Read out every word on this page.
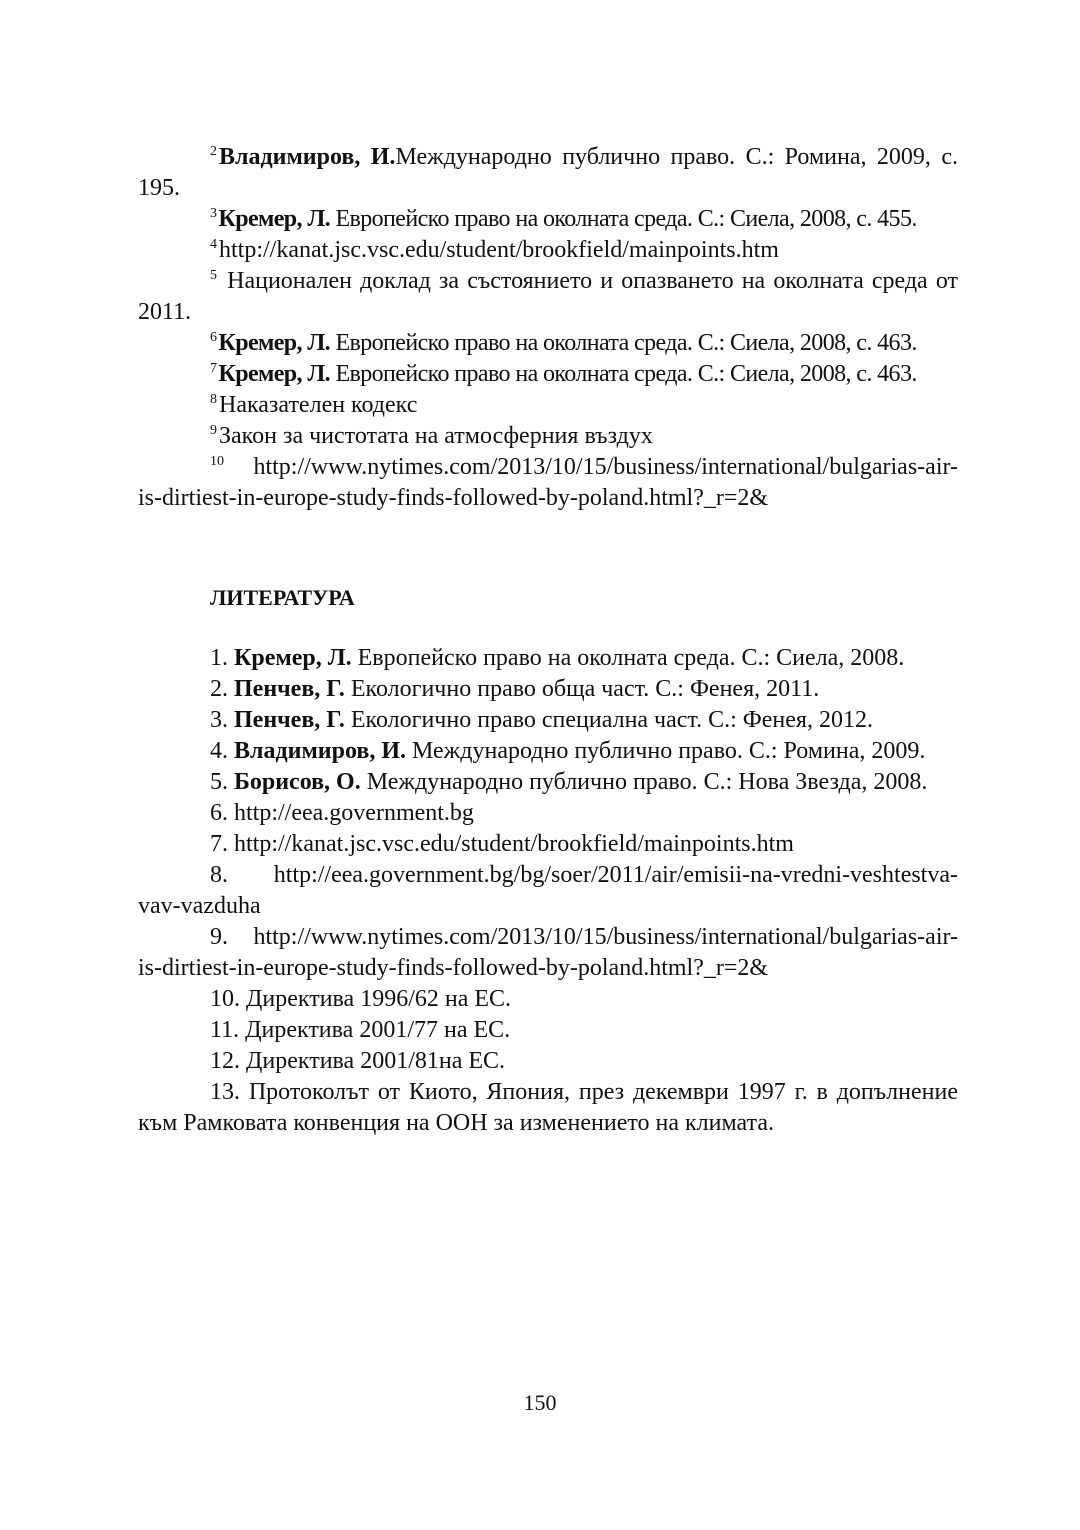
$^2$Владимиров, И.Международно публично право. С.: Ромина, 2009, с. 195.

$^3$Кремер, Л. Европейско право на околната среда. С.: Сиела, 2008, с. 455.

$^4$http://kanat.jsc.vsc.edu/student/brookfield/mainpoints.htm

$^5$ Национален доклад за състоянието и опазването на околната среда от 2011.

$^6$Кремер, Л. Европейско право на околната среда. С.: Сиела, 2008, с. 463.

$^7$Кремер, Л. Европейско право на околната среда. С.: Сиела, 2008, с. 463.

$^8$Наказателен кодекс

$^9$Закон за чистотата на атмосферния въздух

$^{10}$ http://www.nytimes.com/2013/10/15/business/international/bulgarias-air-is-dirtiest-in-europe-study-finds-followed-by-poland.html?_r=2&

ЛИТЕРАТУРА

1. Кремер, Л. Европейско право на околната среда. С.: Сиела, 2008.

2. Пенчев, Г. Екологично право обща част. С.: Фенея, 2011.

3. Пенчев, Г. Екологично право специална част. С.: Фенея, 2012.

4. Владимиров, И. Международно публично право. С.: Ромина, 2009.

5. Борисов, О. Международно публично право. С.: Нова Звезда, 2008.

6. http://eea.government.bg

7. http://kanat.jsc.vsc.edu/student/brookfield/mainpoints.htm

8. http://eea.government.bg/bg/soer/2011/air/emisii-na-vredni-veshtestva-vav-vazduha

9. http://www.nytimes.com/2013/10/15/business/international/bulgarias-air-is-dirtiest-in-europe-study-finds-followed-by-poland.html?_r=2&

10. Директива 1996/62 на ЕС.

11. Директива 2001/77 на ЕС.

12. Директива 2001/81на ЕС.

13. Протоколът от Киото, Япония, през декември 1997 г. в допълнение към Рамковата конвенция на ООН за изменението на климата.

150
